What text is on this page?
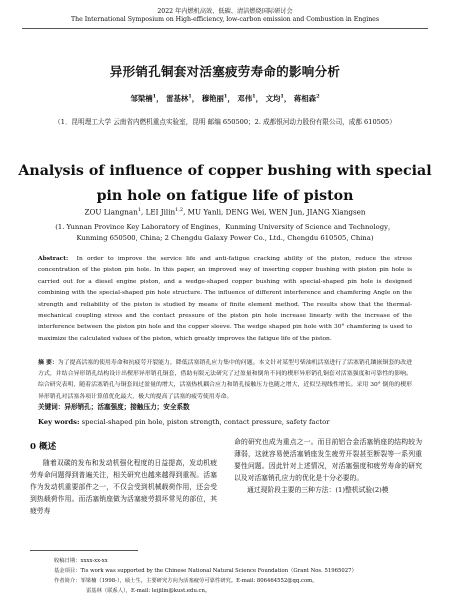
2022 年内燃机高效、低碳、清洁燃烧国际研讨会
The International Symposium on High-efficiency, low-carbon emission and Combustion in Engines
异形销孔铜套对活塞疲劳寿命的影响分析
邹梁楠$^1$， 雷基林$^1$， 穆艳丽$^1$， 邓伟$^1$， 文均$^1$， 蒋相森$^2$
（1．昆明理工大学 云南省内燃机重点实验室，昆明 邮编 650500；2. 成都银河动力股份有限公司，成都 610505）
Analysis of influence of copper bushing with special
pin hole on fatigue life of piston
ZOU Liangnan$^1$, LEI Jilin$^{1,2}$, MU Yanli, DENG Wei, WEN Jun, JIANG Xiangsen
(1. Yunnan Province Key Laboratory of Engines，Kunming University of Science and Technology，Kunming 650500, China; 2 Chengdu Galaxy Power Co., Ltd., Chengdu 610505, China)
Abstract: In order to improve the service life and anti-fatigue cracking ability of the piston, reduce the stress concentration of the piston pin hole. In this paper, an improved way of inserting copper bushing with piston pin hole is carried out for a diesel engine piston, and a wedge-shaped copper bushing with special-shaped pin hole is designed combining with the special-shaped pin hole structure. The influence of different interference and chamfering Angle on the strength and reliability of the piston is studied by means of finite element method. The results show that the thermal-mechanical coupling stress and the contact pressure of the piston pin hole increase linearly with the increase of the interference between the piston pin hole and the copper sleeve. The wedge shaped pin hole with 30° chamfering is used to maximize the calculated values of the piston, which greatly improves the fatigue life of the piston.
摘 要：为了提高活塞的使用寿命和抗疲劳开裂能力，降低活塞销孔应力集中的问题。本文针对某型号柴油机活塞进行了活塞销孔镶嵌铜套的改进方式，并结合异形销孔结构设计出楔形异形销孔铜套，借助有限元法研究了过盈量和倒角不同的楔形异形销孔铜套对活塞强度和可靠性的影响。综合研究表明，随着活塞销孔与铜套间过盈量的增大，活塞热机耦合应力和销孔接触压力也随之增大，近似呈现线性增长。采用 30° 倒角的楔形异形销孔对活塞各项计算值优化最大，极大的提高了活塞的疲劳使用寿命。
关键词：异形销孔；活塞强度；接触压力；安全系数
Key words: special-shaped pin hole, piston strength, contact pressure, safety factor
0 概述
随着双碳的发布和发动机强化程度的日益提高，发动机疲劳寿命问题得到普遍关注，相关研究也越来越得到重视。活塞作为发动机重要部件之一，不仅会受到机械载荷作用，还会受到热载荷作用。而活塞销座做为活塞疲劳损坏常见的部位，其疲劳寿

命的研究也成为重点之一。而目前铝合金活塞销座的结构较为薄弱，这就容易使活塞销座发生疲劳开裂甚至断裂等一系列重要性问题。因此针对上述情况，对活塞强度和疲劳寿命的研究以及对活塞销孔应力的优化是十分必要的。

通过现阶段主要的三种方法：(1)整机试验(2)模

收稿日期：xxxx-xx-xx
基金项目：Tis work was supported by the Chinese National Natural Science Foundation（Grant Nos. 51965027）
作者简介：邹梁楠（1998-），硕士生，主要研究方向为活塞疲劳可靠性研究。E-mail: 806464552@qq.com。
雷基林（联系人），E-mail: leijilin@kust.edu.cn。
